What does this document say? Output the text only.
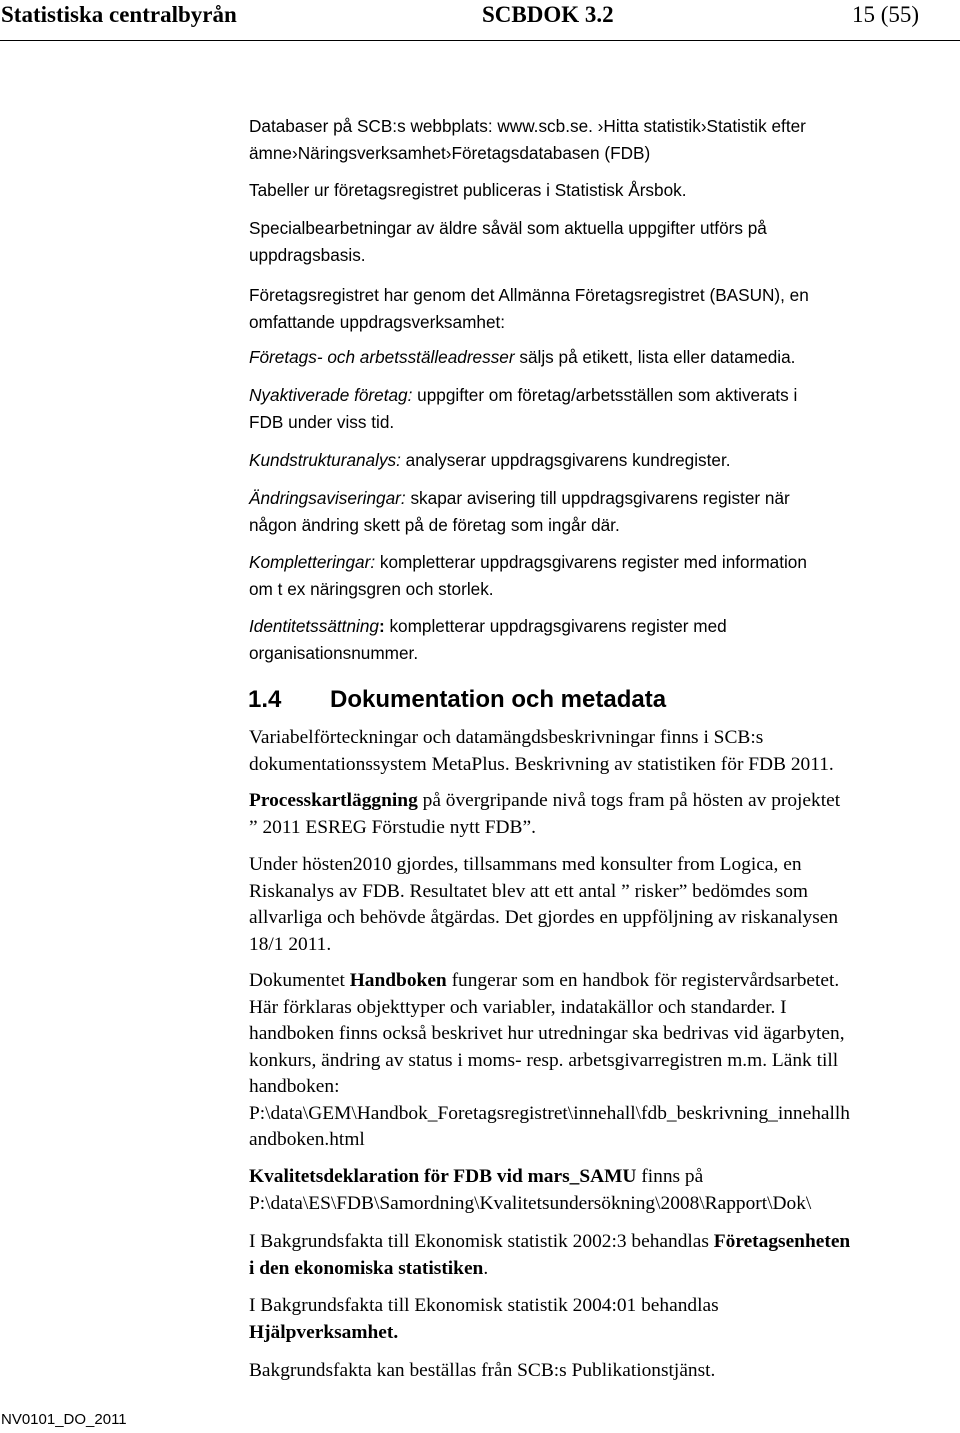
Statistiska centralbyrån	SCBDOK 3.2	15 (55)

Databaser på SCB:s webbplats: www.scb.se. ›Hitta statistik›Statistik efter
ämne›Näringsverksamhet›Företagsdatabasen (FDB)

Tabeller ur företagsregistret publiceras i Statistisk Årsbok.

Specialbearbetningar av äldre såväl som aktuella uppgifter utförs på
uppdragsbasis.

Företagsregistret har genom det Allmänna Företagsregistret (BASUN), en
omfattande uppdragsverksamhet:

Företags- och arbetsställeadresser säljs på etikett, lista eller datamedia.

Nyaktiverade företag: uppgifter om företag/arbetsställen som aktiverats i
FDB under viss tid.

Kundstrukturanalys: analyserar uppdragsgivarens kundregister.

Ändringsaviseringar: skapar avisering till uppdragsgivarens register när
någon ändring skett på de företag som ingår där.

Kompletteringar: kompletterar uppdragsgivarens register med information
om t ex näringsgren och storlek.

Identitetssättning: kompletterar uppdragsgivarens register med
organisationsnummer.

1.4 Dokumentation och metadata

Variabelförteckningar och datamängdsbeskrivningar finns i SCB:s
dokumentationssystem MetaPlus. Beskrivning av statistiken för FDB 2011.

Processkartläggning på övergripande nivå togs fram på hösten av projektet
” 2011 ESREG Förstudie nytt FDB”.

Under hösten2010 gjordes, tillsammans med konsulter from Logica, en
Riskanalys av FDB. Resultatet blev att ett antal ” risker” bedömdes som
allvarliga och behövde åtgärdas. Det gjordes en uppföljning av riskanalysen
18/1 2011.

Dokumentet Handboken fungerar som en handbok för registervårdsarbetet.
Här förklaras objekttyper och variabler, indatakällor och standarder. I
handboken finns också beskrivet hur utredningar ska bedrivas vid ägarbyten,
konkurs, ändring av status i moms- resp. arbetsgivarregistren m.m. Länk till
handboken:
P:\data\GEM\Handbok_Foretagsregistret\innehall\fdb_beskrivning_innehallh
andboken.html

Kvalitetsdeklaration för FDB vid mars_SAMU finns på
P:\data\ES\FDB\Samordning\Kvalitetsundersökning\2008\Rapport\Dok\

I Bakgrundsfakta till Ekonomisk statistik 2002:3 behandlas Företagsenheten
i den ekonomiska statistiken.

I Bakgrundsfakta till Ekonomisk statistik 2004:01 behandlas
Hjälpverksamhet.

Bakgrundsfakta kan beställas från SCB:s Publikationstjänst.

NV0101_DO_2011
